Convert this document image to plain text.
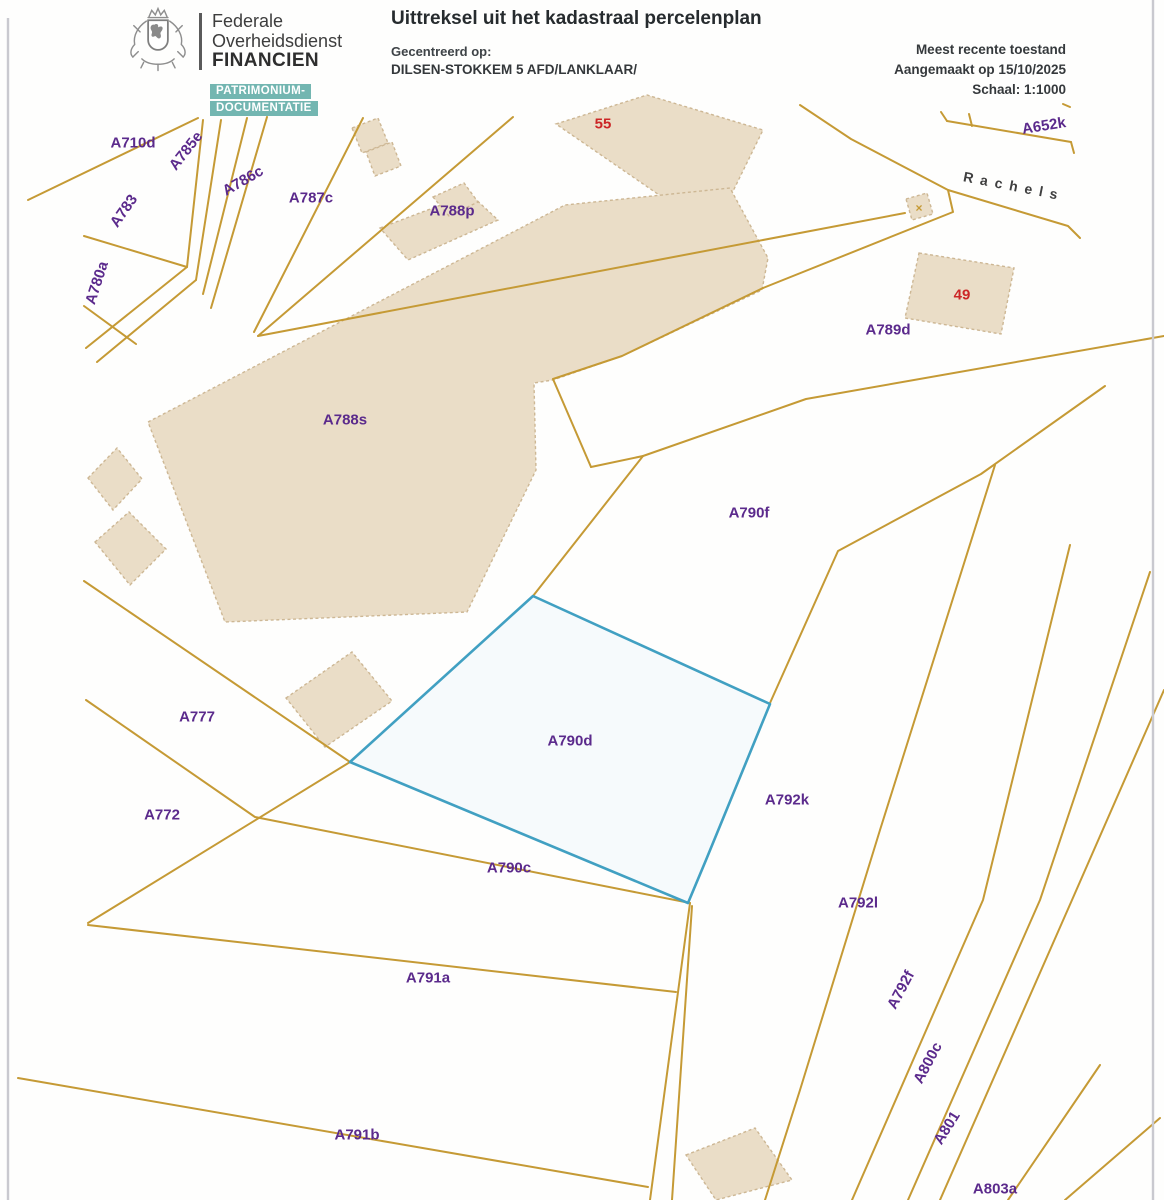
A710d A785e
A783
A786c A787c
A788p
A780a
A788s
A790f
A789d
A652k
A777
A772
A790d
A790c
A792k
A792l
A791a
A791b
A792f
A800c
A801
A803a
55
49
Rachels
×
Federale
Overheidsdienst
FINANCIEN
PATRIMONIUM-
DOCUMENTATIE
Uittreksel uit het kadastraal percelenplan
Gecentreerd op:
DILSEN-STOKKEM 5 AFD/LANKLAAR/
Meest recente toestand
Aangemaakt op 15/10/2025
Schaal: 1:1000
